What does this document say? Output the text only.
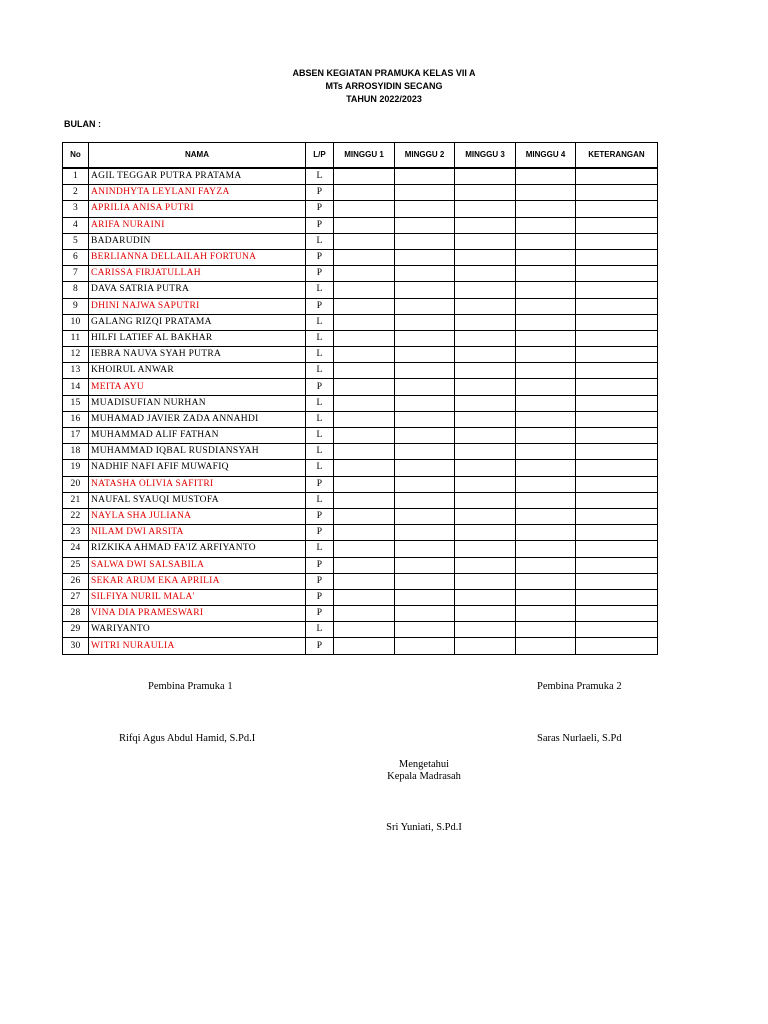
ABSEN KEGIATAN PRAMUKA KELAS VII A
MTs ARROSYIDIN SECANG
TAHUN 2022/2023
BULAN :
No	NAMA	L/P	MINGGU 1	MINGGU 2	MINGGU 3	MINGGU 4	KETERANGAN
1	AGIL TEGGAR PUTRA PRATAMA	L					
2	ANINDHYTA LEYLANI FAYZA	P					
3	APRILIA ANISA PUTRI	P					
4	ARIFA NURAINI	P					
5	BADARUDIN	L					
6	BERLIANNA DELLAILAH FORTUNA	P					
7	CARISSA FIRJATULLAH	P					
8	DAVA SATRIA PUTRA	L					
9	DHINI NAJWA SAPUTRI	P					
10	GALANG RIZQI PRATAMA	L					
11	HILFI LATIEF AL BAKHAR	L					
12	IEBRA NAUVA SYAH PUTRA	L					
13	KHOIRUL ANWAR	L					
14	MEITA AYU	P					
15	MUADISUFIAN NURHAN	L					
16	MUHAMAD JAVIER ZADA ANNAHDI	L					
17	MUHAMMAD ALIF FATHAN	L					
18	MUHAMMAD IQBAL RUSDIANSYAH	L					
19	NADHIF NAFI AFIF MUWAFIQ	L					
20	NATASHA OLIVIA SAFITRI	P					
21	NAUFAL SYAUQI MUSTOFA	L					
22	NAYLA SHA JULIANA	P					
23	NILAM DWI ARSITA	P					
24	RIZKIKA AHMAD FA'IZ ARFIYANTO	L					
25	SALWA DWI SALSABILA	P					
26	SEKAR ARUM EKA APRILIA	P					
27	SILFIYA NURIL MALA'	P					
28	VINA DIA PRAMESWARI	P					
29	WARIYANTO	L					
30	WITRI NURAULIA	P					
Pembina Pramuka 1	Pembina Pramuka 2
Rifqi Agus Abdul Hamid, S.Pd.I	Saras Nurlaeli, S.Pd
Mengetahui
Kepala Madrasah
Sri Yuniati, S.Pd.I
